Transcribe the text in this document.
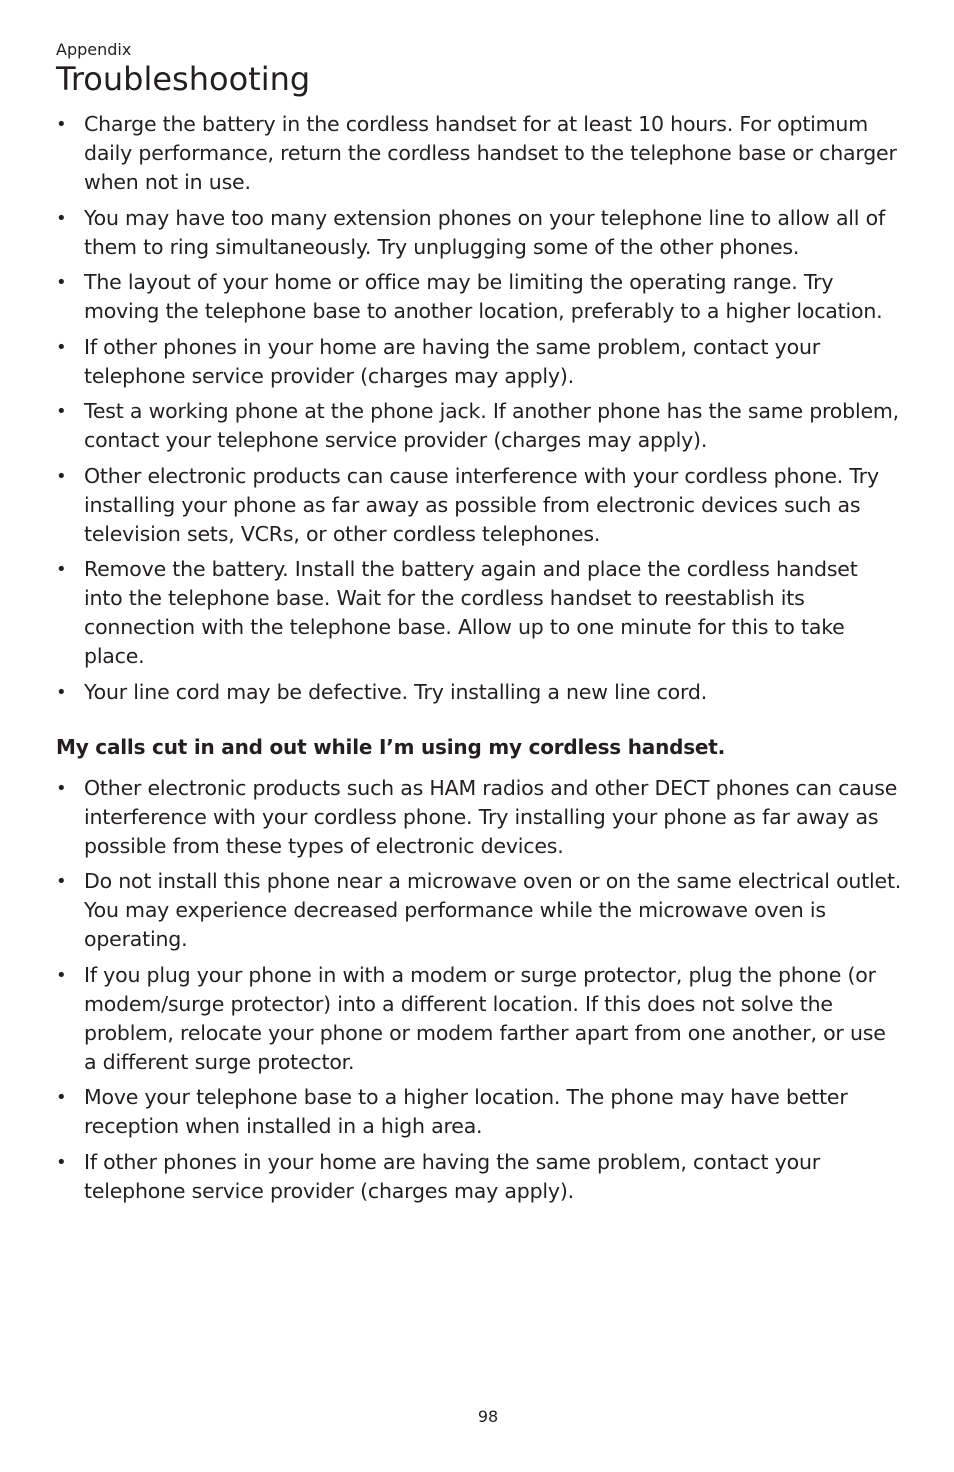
Appendix

Troubleshooting
• Charge the battery in the cordless handset for at least 10 hours. For optimum daily performance, return the cordless handset to the telephone base or charger when not in use.
• You may have too many extension phones on your telephone line to allow all of them to ring simultaneously. Try unplugging some of the other phones.
• The layout of your home or office may be limiting the operating range. Try moving the telephone base to another location, preferably to a higher location.
• If other phones in your home are having the same problem, contact your telephone service provider (charges may apply).
• Test a working phone at the phone jack. If another phone has the same problem, contact your telephone service provider (charges may apply).
• Other electronic products can cause interference with your cordless phone. Try installing your phone as far away as possible from electronic devices such as television sets, VCRs, or other cordless telephones.
• Remove the battery. Install the battery again and place the cordless handset into the telephone base. Wait for the cordless handset to reestablish its connection with the telephone base. Allow up to one minute for this to take place.
• Your line cord may be defective. Try installing a new line cord.

My calls cut in and out while I’m using my cordless handset.

• Other electronic products such as HAM radios and other DECT phones can cause interference with your cordless phone. Try installing your phone as far away as possible from these types of electronic devices.
• Do not install this phone near a microwave oven or on the same electrical outlet. You may experience decreased performance while the microwave oven is operating.
• If you plug your phone in with a modem or surge protector, plug the phone (or modem/surge protector) into a different location. If this does not solve the problem, relocate your phone or modem farther apart from one another, or use a different surge protector.
• Move your telephone base to a higher location. The phone may have better reception when installed in a high area.
• If other phones in your home are having the same problem, contact your telephone service provider (charges may apply).
98
